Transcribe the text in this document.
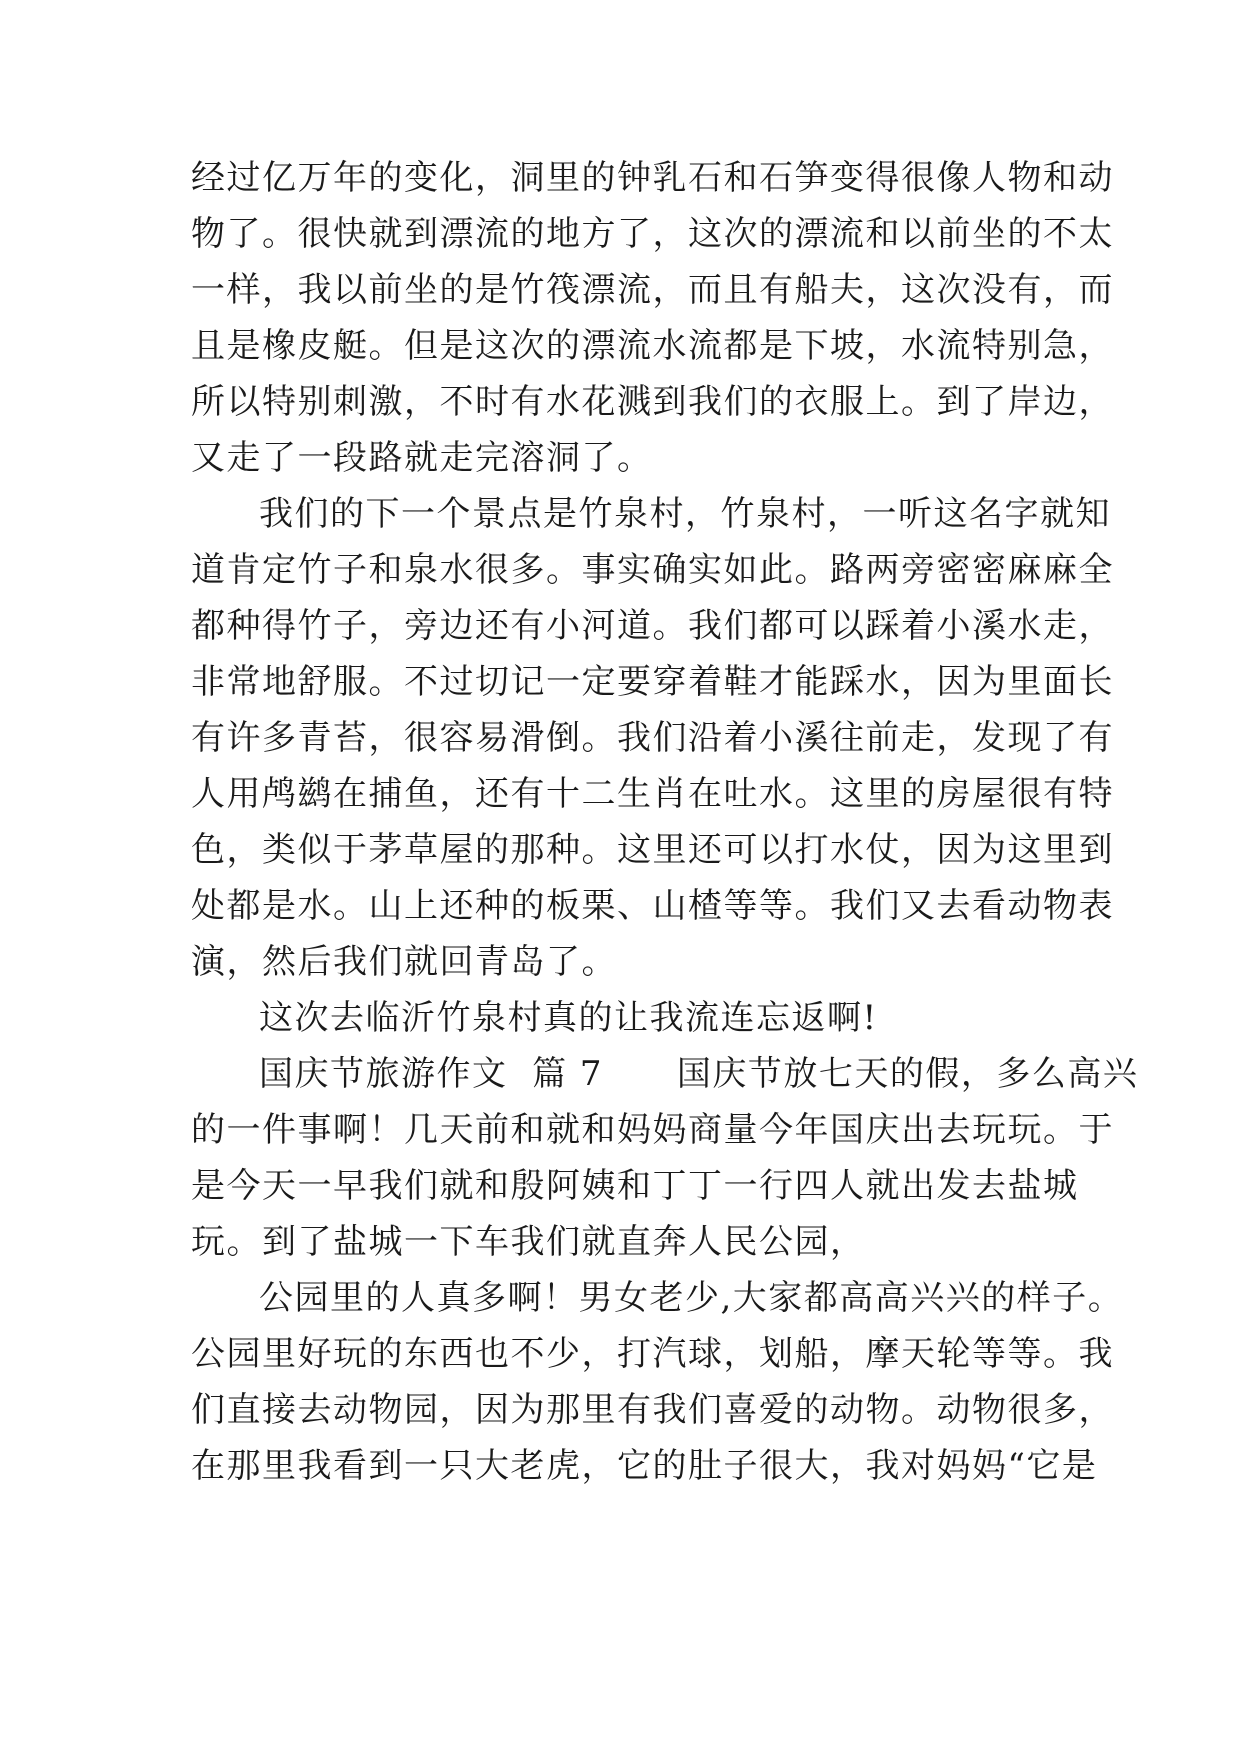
经过亿万年的变化，洞里的钟乳石和石笋变得很像人物和动
物了。很快就到漂流的地方了，这次的漂流和以前坐的不太
一样，我以前坐的是竹筏漂流，而且有船夫，这次没有，而
且是橡皮艇。但是这次的漂流水流都是下坡，水流特别急，
所以特别刺激，不时有水花溅到我们的衣服上。到了岸边，
又走了一段路就走完溶洞了。
我们的下一个景点是竹泉村，竹泉村，一听这名字就知
道肯定竹子和泉水很多。事实确实如此。路两旁密密麻麻全
都种得竹子，旁边还有小河道。我们都可以踩着小溪水走，
非常地舒服。不过切记一定要穿着鞋才能踩水，因为里面长
有许多青苔，很容易滑倒。我们沿着小溪往前走，发现了有
人用鸬鹚在捕鱼，还有十二生肖在吐水。这里的房屋很有特
色，类似于茅草屋的那种。这里还可以打水仗，因为这里到
处都是水。山上还种的板栗、山楂等等。我们又去看动物表
演，然后我们就回青岛了。
这次去临沂竹泉村真的让我流连忘返啊!
国庆节旅游作文  篇 7      国庆节放七天的假，多么高兴
的一件事啊！几天前和就和妈妈商量今年国庆出去玩玩。于
是今天一早我们就和殷阿姨和丁丁一行四人就出发去盐城
玩。到了盐城一下车我们就直奔人民公园，
公园里的人真多啊！男女老少,大家都高高兴兴的样子。
公园里好玩的东西也不少，打汽球，划船，摩天轮等等。我
们直接去动物园，因为那里有我们喜爱的动物。动物很多，
在那里我看到一只大老虎，它的肚子很大，我对妈妈“它是
